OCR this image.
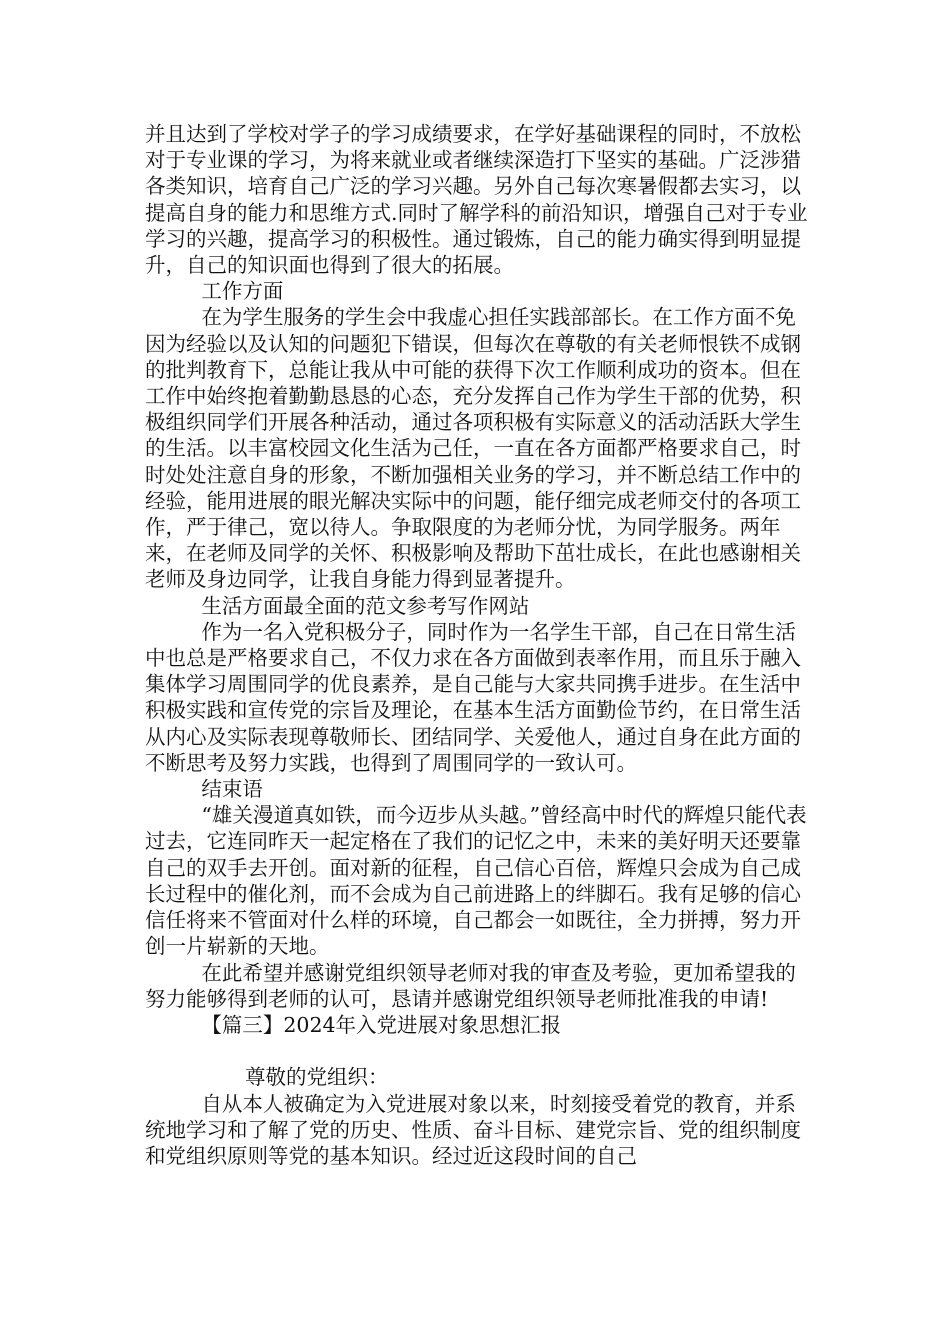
并且达到了学校对学子的学习成绩要求，在学好基础课程的同时，不放松对于专业课的学习，为将来就业或者继续深造打下坚实的基础。广泛涉猎各类知识，培育自己广泛的学习兴趣。另外自己每次寒暑假都去实习，以提高自身的能力和思维方式.同时了解学科的前沿知识，增强自己对于专业学习的兴趣，提高学习的积极性。通过锻炼，自己的能力确实得到明显提升，自己的知识面也得到了很大的拓展。

工作方面

在为学生服务的学生会中我虚心担任实践部部长。在工作方面不免因为经验以及认知的问题犯下错误，但每次在尊敬的有关老师恨铁不成钢的批判教育下，总能让我从中可能的获得下次工作顺利成功的资本。但在工作中始终抱着勤勤恳恳的心态，充分发挥自己作为学生干部的优势，积极组织同学们开展各种活动，通过各项积极有实际意义的活动活跃大学生的生活。以丰富校园文化生活为己任，一直在各方面都严格要求自己，时时处处注意自身的形象，不断加强相关业务的学习，并不断总结工作中的经验，能用进展的眼光解决实际中的问题，能仔细完成老师交付的各项工作，严于律己，宽以待人。争取限度的为老师分忧，为同学服务。两年来，在老师及同学的关怀、积极影响及帮助下茁壮成长，在此也感谢相关老师及身边同学，让我自身能力得到显著提升。

生活方面最全面的范文参考写作网站

作为一名入党积极分子，同时作为一名学生干部，自己在日常生活中也总是严格要求自己，不仅力求在各方面做到表率作用，而且乐于融入集体学习周围同学的优良素养，是自己能与大家共同携手进步。在生活中积极实践和宣传党的宗旨及理论，在基本生活方面勤俭节约，在日常生活从内心及实际表现尊敬师长、团结同学、关爱他人，通过自身在此方面的不断思考及努力实践，也得到了周围同学的一致认可。

结束语

“雄关漫道真如铁，而今迈步从头越。”曾经高中时代的辉煌只能代表过去，它连同昨天一起定格在了我们的记忆之中，未来的美好明天还要靠自己的双手去开创。面对新的征程，自己信心百倍，辉煌只会成为自己成长过程中的催化剂，而不会成为自己前进路上的绊脚石。我有足够的信心信任将来不管面对什么样的环境，自己都会一如既往，全力拼搏，努力开创一片崭新的天地。

在此希望并感谢党组织领导老师对我的审查及考验，更加希望我的努力能够得到老师的认可，恳请并感谢党组织领导老师批准我的申请!

【篇三】2024年入党进展对象思想汇报

尊敬的党组织：

自从本人被确定为入党进展对象以来，时刻接受着党的教育，并系统地学习和了解了党的历史、性质、奋斗目标、建党宗旨、党的组织制度和党组织原则等党的基本知识。经过近这段时间的自己
